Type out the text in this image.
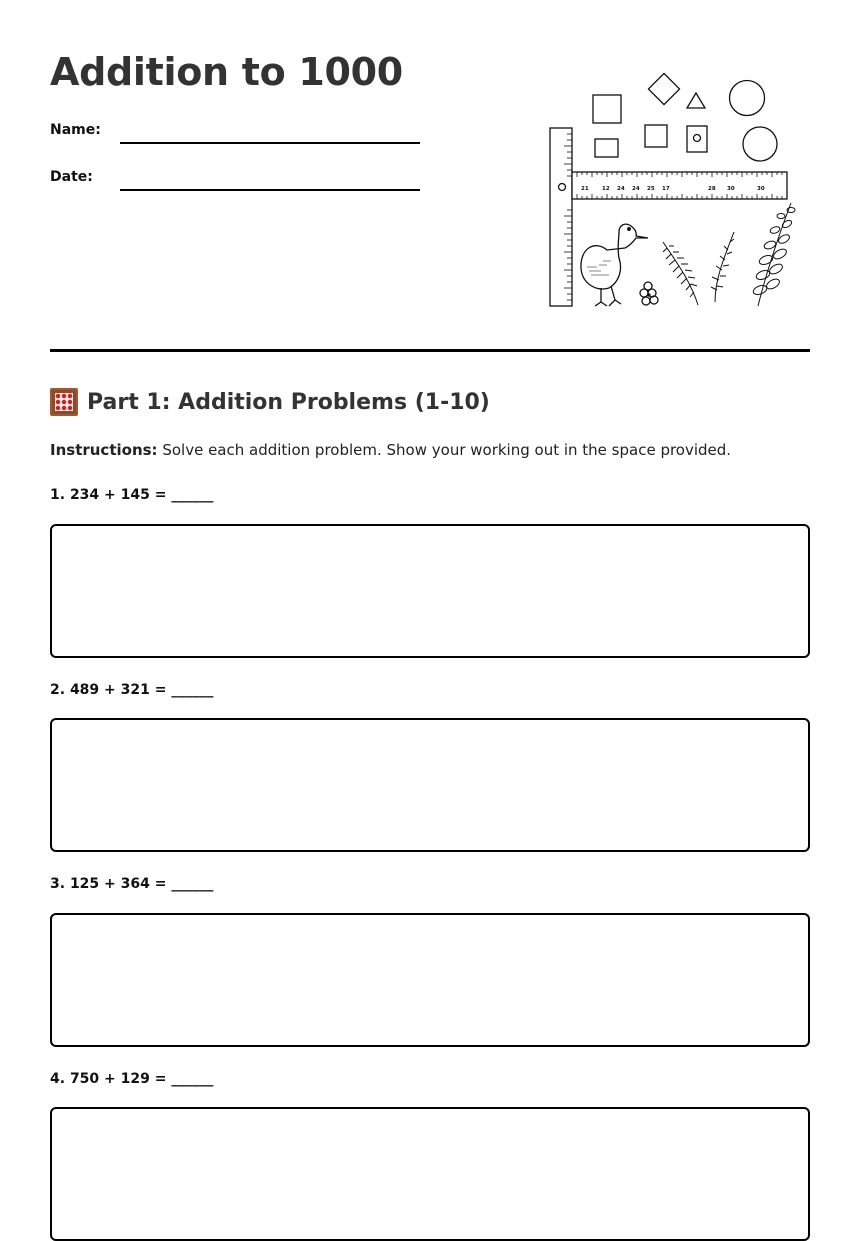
Addition to 1000
Name:
Date:
21 12 24 24 25 17	28 30	30
Part 1: Addition Problems (1-10)

Instructions: Solve each addition problem. Show your working out in the space provided.

1. 234 + 145 = ______
2. 489 + 321 = ______
3. 125 + 364 = ______
4. 750 + 129 = ______
